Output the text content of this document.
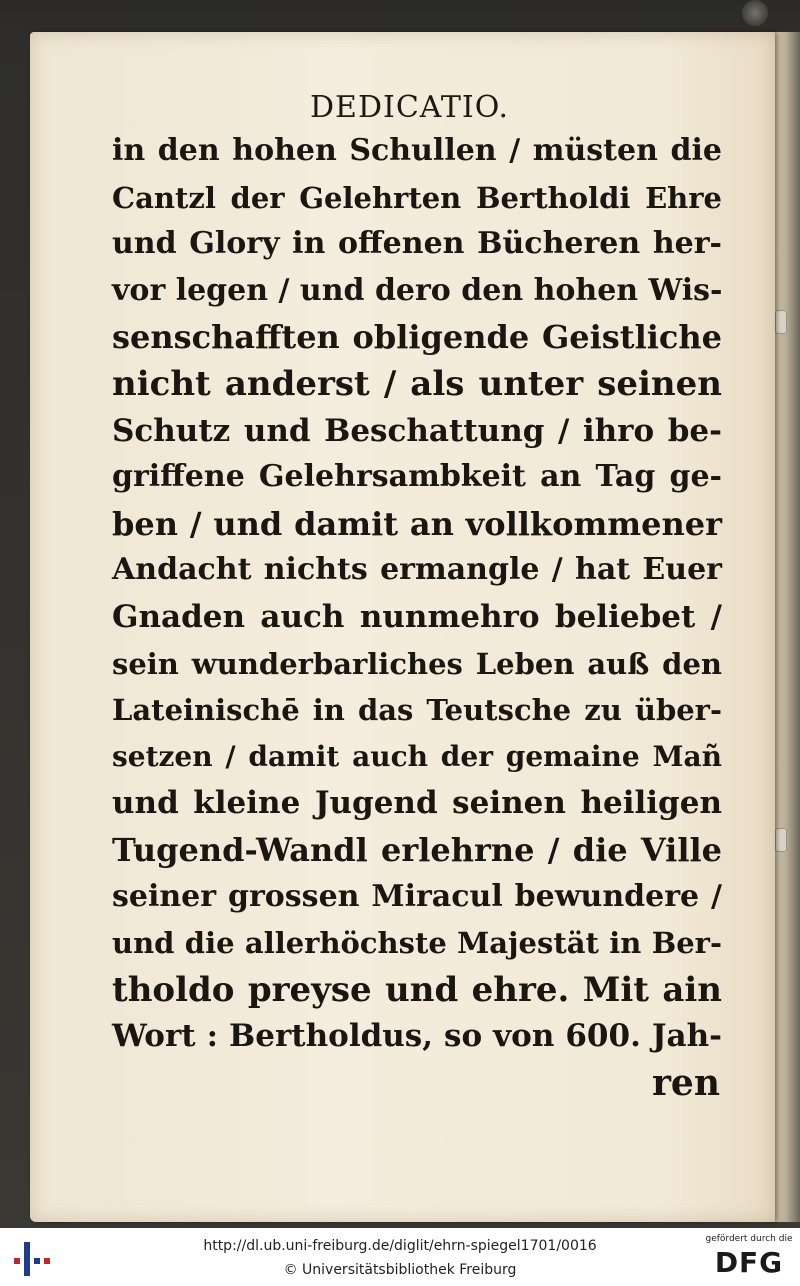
DEDICATIO.
in den hohen Schullen / müsten die
Cantzl der Gelehrten Bertholdi Ehre
und Glory in offenen Bücheren her-
vor legen / und dero den hohen Wis-
senschafften obligende Geistliche
nicht anderst / als unter seinen
Schutz und Beschattung / ihro be-
griffene Gelehrsambkeit an Tag ge-
ben / und damit an vollkommener
Andacht nichts ermangle / hat Euer
Gnaden auch nunmehro beliebet /
sein wunderbarliches Leben auß den
Lateinischē in das Teutsche zu über-
setzen / damit auch der gemaine Mañ
und kleine Jugend seinen heiligen
Tugend-Wandl erlehrne / die Ville
seiner grossen Miracul bewundere /
und die allerhöchste Majestät in Ber-
tholdo preyse und ehre. Mit ain
Wort : Bertholdus, so von 600. Jah-
ren
http://dl.ub.uni-freiburg.de/diglit/ehrn-spiegel1701/0016
© Universitätsbibliothek Freiburg
gefördert durch die
DFG
